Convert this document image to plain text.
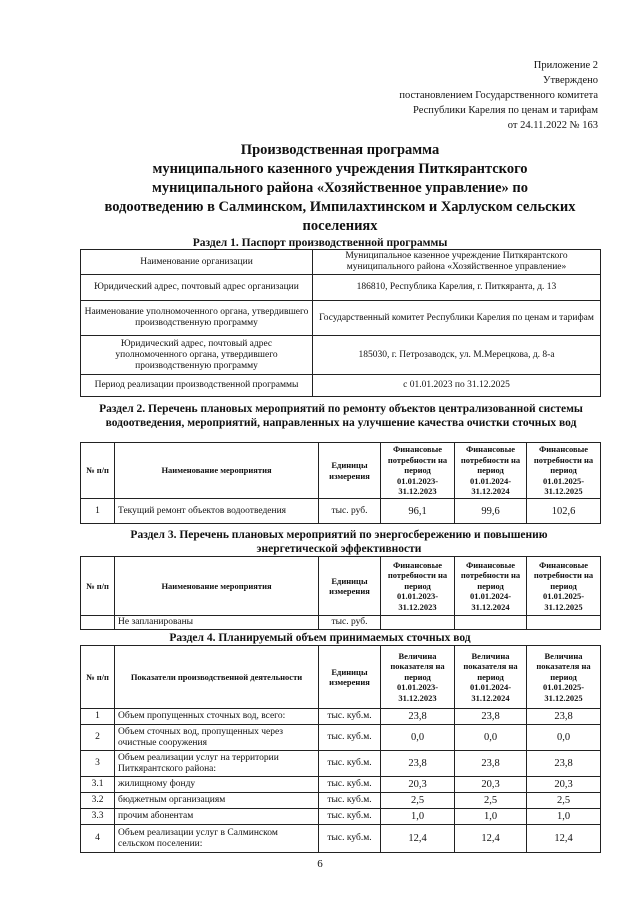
Приложение 2
Утверждено
постановлением Государственного комитета
Республики Карелия по ценам и тарифам
от 24.11.2022 № 163
Производственная программа
муниципального казенного учреждения Питкярантского
муниципального района «Хозяйственное управление» по
водоотведению в Салминском, Импилахтинском и Харлуском сельских
поселениях
Раздел 1. Паспорт производственной программы
Наименование организации	Муниципальное казенное учреждение Питкярантского муниципального района «Хозяйственное управление»
Юридический адрес, почтовый адрес организации	186810, Республика Карелия, г. Питкяранта, д. 13
Наименование уполномоченного органа, утвердившего производственную программу	Государственный комитет Республики Карелия по ценам и тарифам
Юридический адрес, почтовый адрес уполномоченного органа, утвердившего производственную программу	185030, г. Петрозаводск, ул. М.Мерецкова, д. 8-а
Период реализации производственной программы	с 01.01.2023 по 31.12.2025
Раздел 2. Перечень плановых мероприятий по ремонту объектов централизованной системы водоотведения, мероприятий, направленных на улучшение качества очистки сточных вод
№ п/п	Наименование мероприятия	Единицы измерения	Финансовые потребности на период 01.01.2023-31.12.2023	Финансовые потребности на период 01.01.2024-31.12.2024	Финансовые потребности на период 01.01.2025-31.12.2025
1	Текущий ремонт объектов водоотведения	тыс. руб.	96,1	99,6	102,6
Раздел 3. Перечень плановых мероприятий по энергосбережению и повышению энергетической эффективности
№ п/п	Наименование мероприятия	Единицы измерения	Финансовые потребности на период 01.01.2023-31.12.2023	Финансовые потребности на период 01.01.2024-31.12.2024	Финансовые потребности на период 01.01.2025-31.12.2025
	Не запланированы	тыс. руб.			
Раздел 4. Планируемый объем принимаемых сточных вод
№ п/п	Показатели производственной деятельности	Единицы измерения	Величина показателя на период 01.01.2023-31.12.2023	Величина показателя на период 01.01.2024-31.12.2024	Величина показателя на период 01.01.2025-31.12.2025
1	Объем пропущенных сточных вод, всего:	тыс. куб.м.	23,8	23,8	23,8
2	Объем сточных вод, пропущенных через очистные сооружения	тыс. куб.м.	0,0	0,0	0,0
3	Объем реализации услуг на территории Питкярантского района:	тыс. куб.м.	23,8	23,8	23,8
3.1	жилищному фонду	тыс. куб.м.	20,3	20,3	20,3
3.2	бюджетным организациям	тыс. куб.м.	2,5	2,5	2,5
3.3	прочим абонентам	тыс. куб.м.	1,0	1,0	1,0
4	Объем реализации услуг в Салминском сельском поселении:	тыс. куб.м.	12,4	12,4	12,4
6
